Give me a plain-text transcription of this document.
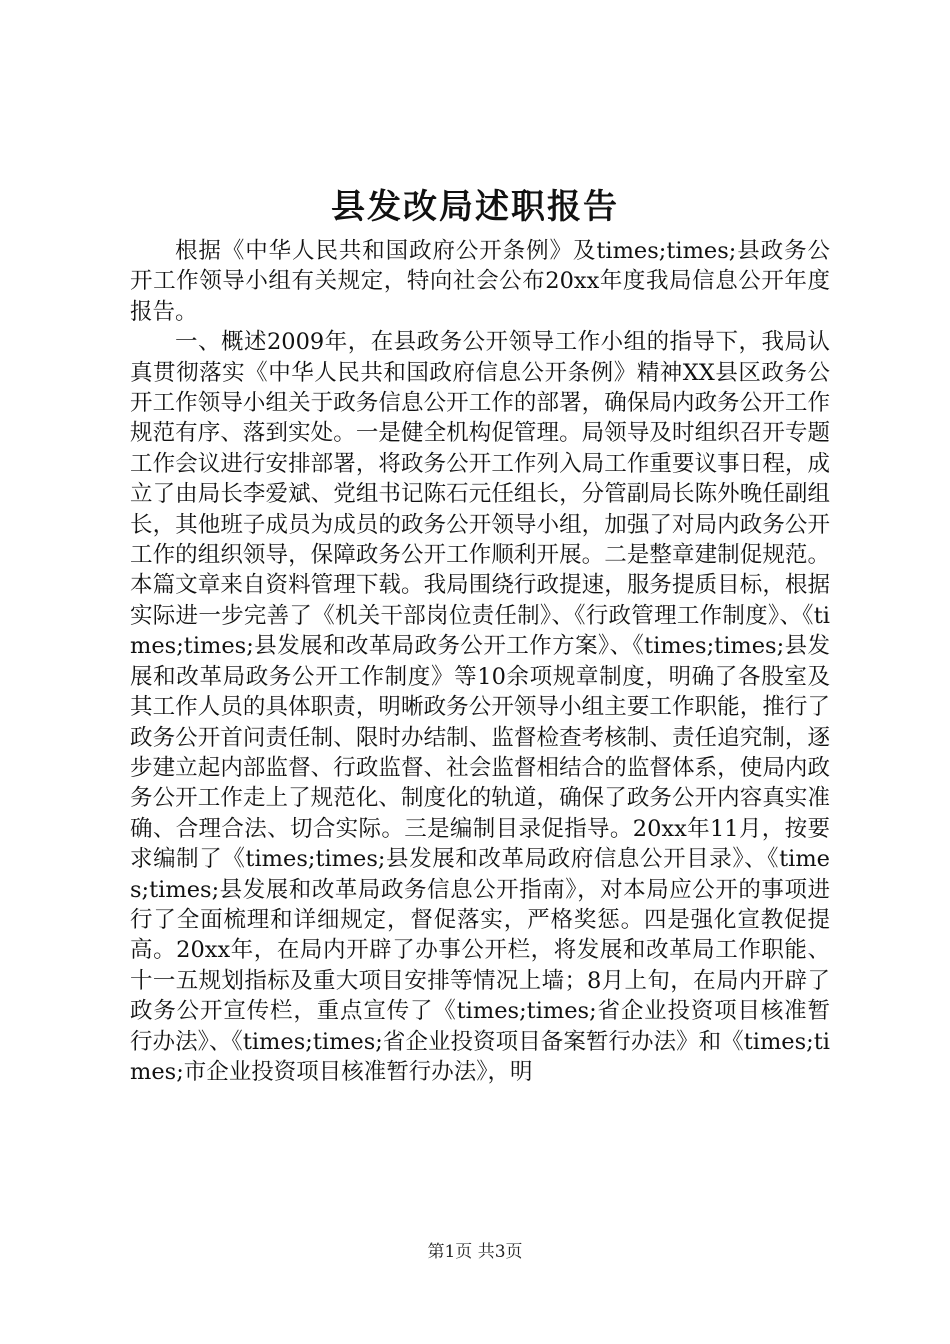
县发改局述职报告

根据《中华人民共和国政府公开条例》及times;times;县政务公开工作领导小组有关规定，特向社会公布20xx年度我局信息公开年度报告。

一、概述2009年，在县政务公开领导工作小组的指导下，我局认真贯彻落实《中华人民共和国政府信息公开条例》精神XX县区政务公开工作领导小组关于政务信息公开工作的部署，确保局内政务公开工作规范有序、落到实处。一是健全机构促管理。局领导及时组织召开专题工作会议进行安排部署，将政务公开工作列入局工作重要议事日程，成立了由局长李爱斌、党组书记陈石元任组长，分管副局长陈外晚任副组长，其他班子成员为成员的政务公开领导小组，加强了对局内政务公开工作的组织领导，保障政务公开工作顺利开展。二是整章建制促规范。本篇文章来自资料管理下载。我局围绕行政提速，服务提质目标，根据实际进一步完善了《机关干部岗位责任制》、《行政管理工作制度》、《times;times;县发展和改革局政务公开工作方案》、《times;times;县发展和改革局政务公开工作制度》等10余项规章制度，明确了各股室及其工作人员的具体职责，明晰政务公开领导小组主要工作职能，推行了政务公开首问责任制、限时办结制、监督检查考核制、责任追究制，逐步建立起内部监督、行政监督、社会监督相结合的监督体系，使局内政务公开工作走上了规范化、制度化的轨道，确保了政务公开内容真实准确、合理合法、切合实际。三是编制目录促指导。20xx年11月，按要求编制了《times;times;县发展和改革局政府信息公开目录》、《times;times;县发展和改革局政务信息公开指南》，对本局应公开的事项进行了全面梳理和详细规定，督促落实，严格奖惩。四是强化宣教促提高。20xx年，在局内开辟了办事公开栏，将发展和改革局工作职能、十一五规划指标及重大项目安排等情况上墙；8月上旬，在局内开辟了政务公开宣传栏，重点宣传了《times;times;省企业投资项目核准暂行办法》、《times;times;省企业投资项目备案暂行办法》和《times;times;市企业投资项目核准暂行办法》，明

第1页 共3页
